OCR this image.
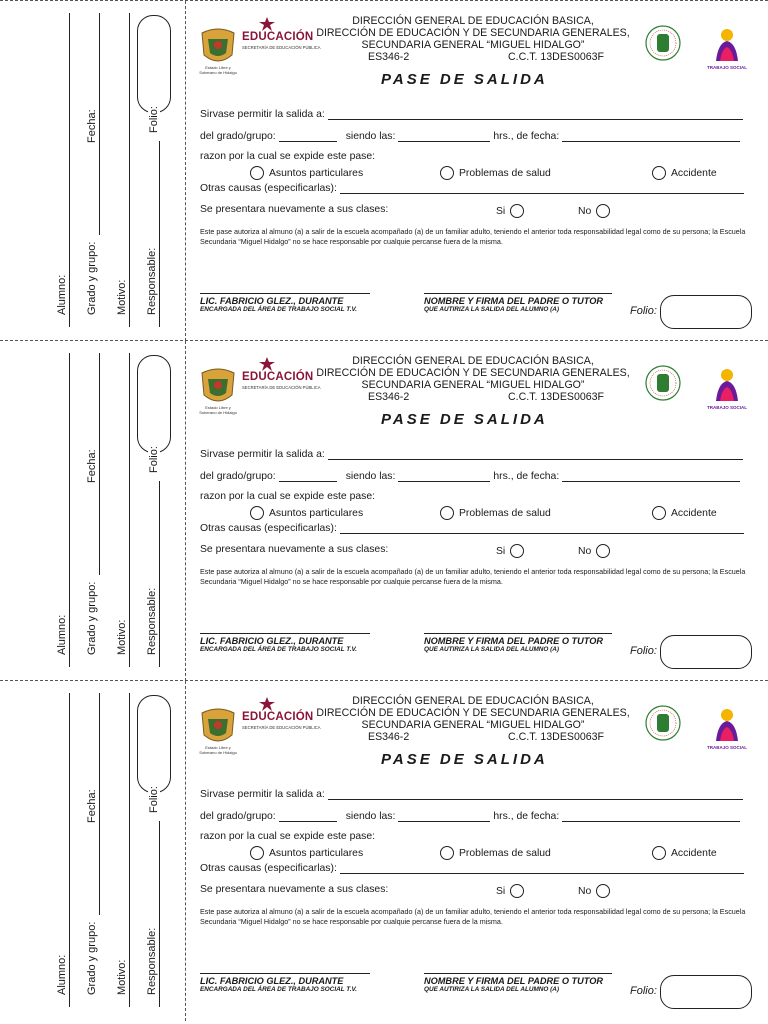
Alumno: Grado y grupo:
Fecha:
Motivo: Responsable:
Folio:
Estado Libre y Soberano de Hidalgo
EDUCACIÓN
SECRETARÍA DE EDUCACIÓN PÚBLICA
DIRECCIÓN GENERAL DE EDUCACIÓN BASICA,
DIRECCIÓN DE EDUCACIÓN Y DE SECUNDARIA GENERALES,
SECUNDARIA GENERAL “MIGUEL HIDALGO”
ES346-2	C.C.T. 13DES0063F
PASE DE SALIDA
TRABAJO SOCIAL
Sirvase permitir la salida a:
del grado/grupo:	siendo las:	hrs., de fecha:
razon por la cual se expide este pase:
Asuntos particulares	Problemas de salud	Accidente
Otras causas (especificarlas):
Se presentara nuevamente a sus clases:	Si	No
Este pase autoriza al almuno (a) a salir de la escuela acompañado (a) de un familiar adulto, teniendo el anterior toda responsabilidad legal como de su persona; la Escuela Secundaria “Miguel Hidalgo” no se hace responsable por cualquie percanse fuera de la misma.
LIC. FABRICIO GLEZ., DURANTE
ENCARGADA DEL ÁREA DE TRABAJO SOCIAL T.V.
NOMBRE Y FIRMA DEL PADRE O TUTOR
QUE AUTIRIZA LA SALIDA DEL ALUMNO (A)	Folio:
Alumno: Grado y grupo:
Fecha:
Motivo: Responsable:
Folio:
Estado Libre y Soberano de Hidalgo
EDUCACIÓN
SECRETARÍA DE EDUCACIÓN PÚBLICA
DIRECCIÓN GENERAL DE EDUCACIÓN BASICA,
DIRECCIÓN DE EDUCACIÓN Y DE SECUNDARIA GENERALES,
SECUNDARIA GENERAL “MIGUEL HIDALGO”
ES346-2	C.C.T. 13DES0063F
PASE DE SALIDA
TRABAJO SOCIAL
Sirvase permitir la salida a:
del grado/grupo:	siendo las:	hrs., de fecha:
razon por la cual se expide este pase:
Asuntos particulares	Problemas de salud	Accidente
Otras causas (especificarlas):
Se presentara nuevamente a sus clases:	Si	No
Este pase autoriza al almuno (a) a salir de la escuela acompañado (a) de un familiar adulto, teniendo el anterior toda responsabilidad legal como de su persona; la Escuela Secundaria “Miguel Hidalgo” no se hace responsable por cualquie percanse fuera de la misma.
LIC. FABRICIO GLEZ., DURANTE
ENCARGADA DEL ÁREA DE TRABAJO SOCIAL T.V.
NOMBRE Y FIRMA DEL PADRE O TUTOR
QUE AUTIRIZA LA SALIDA DEL ALUMNO (A)	Folio:
Alumno: Grado y grupo:
Fecha:
Motivo: Responsable:
Folio:
Estado Libre y Soberano de Hidalgo
EDUCACIÓN
SECRETARÍA DE EDUCACIÓN PÚBLICA
DIRECCIÓN GENERAL DE EDUCACIÓN BASICA,
DIRECCIÓN DE EDUCACIÓN Y DE SECUNDARIA GENERALES,
SECUNDARIA GENERAL “MIGUEL HIDALGO”
ES346-2	C.C.T. 13DES0063F
PASE DE SALIDA
TRABAJO SOCIAL
Sirvase permitir la salida a:
del grado/grupo:	siendo las:	hrs., de fecha:
razon por la cual se expide este pase:
Asuntos particulares	Problemas de salud	Accidente
Otras causas (especificarlas):
Se presentara nuevamente a sus clases:	Si	No
Este pase autoriza al almuno (a) a salir de la escuela acompañado (a) de un familiar adulto, teniendo el anterior toda responsabilidad legal como de su persona; la Escuela Secundaria “Miguel Hidalgo” no se hace responsable por cualquie percanse fuera de la misma.
LIC. FABRICIO GLEZ., DURANTE
ENCARGADA DEL ÁREA DE TRABAJO SOCIAL T.V.
NOMBRE Y FIRMA DEL PADRE O TUTOR
QUE AUTIRIZA LA SALIDA DEL ALUMNO (A)	Folio:
